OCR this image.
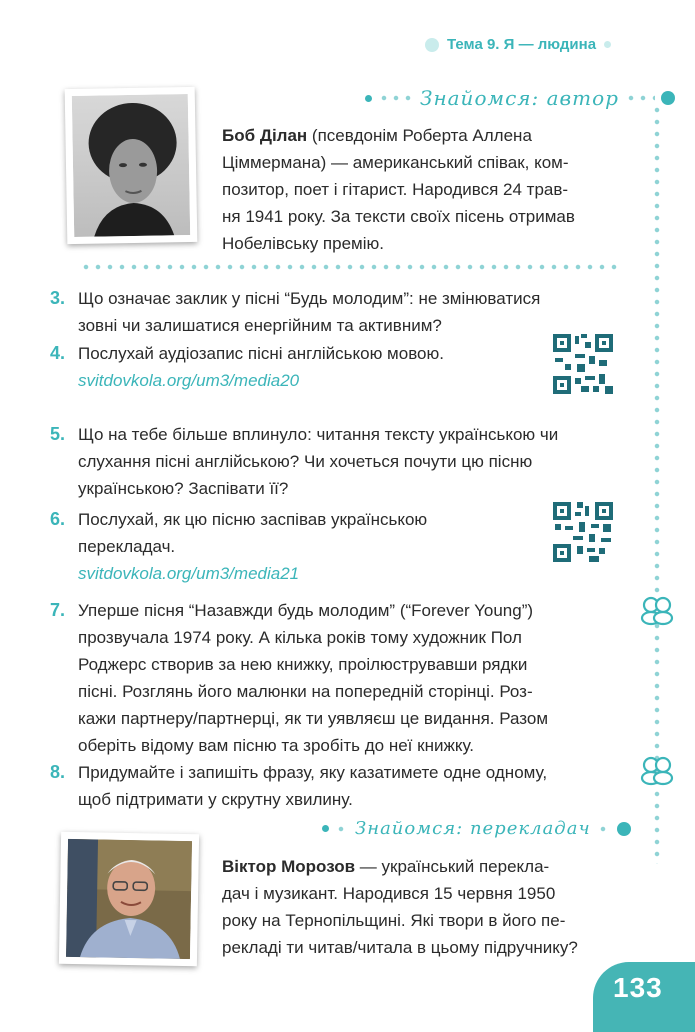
Тема 9. Я — людина
Знайомся: автор
Боб Ділан (псевдонім Роберта Аллена
Ціммермана) — американський співак, ком-
позитор, поет і гітарист. Народився 24 трав-
ня 1941 року. За тексти своїх пісень отримав
Нобелівську премію.
3. Що означає заклик у пісні “Будь молодим”: не змінюватися
зовні чи залишатися енергійним та активним?
4. Послухай аудіозапис пісні англійською мовою.
svitdovkola.org/um3/media20
5. Що на тебе більше вплинуло: читання тексту українською чи
слухання пісні англійською? Чи хочеться почути цю пісню
українською? Заспівати її?
6. Послухай, як цю пісню заспівав українською
перекладач.
svitdovkola.org/um3/media21
7. Уперше пісня “Назавжди будь молодим” (“Forever Young”)
прозвучала 1974 року. А кілька років тому художник Пол
Роджерс створив за нею книжку, проілюструвавши рядки
пісні. Розглянь його малюнки на попередній сторінці. Роз-
кажи партнеру/партнерці, як ти уявляєш це видання. Разом
оберіть відому вам пісню та зробіть до неї книжку.
8. Придумайте і запишіть фразу, яку казатимете одне одному,
щоб підтримати у скрутну хвилину.
Знайомся: перекладач
Віктор Морозов — український перекла-
дач і музикант. Народився 15 червня 1950
року на Тернопільщині. Які твори в його пе-
рекладі ти читав/читала в цьому підручнику?
133
